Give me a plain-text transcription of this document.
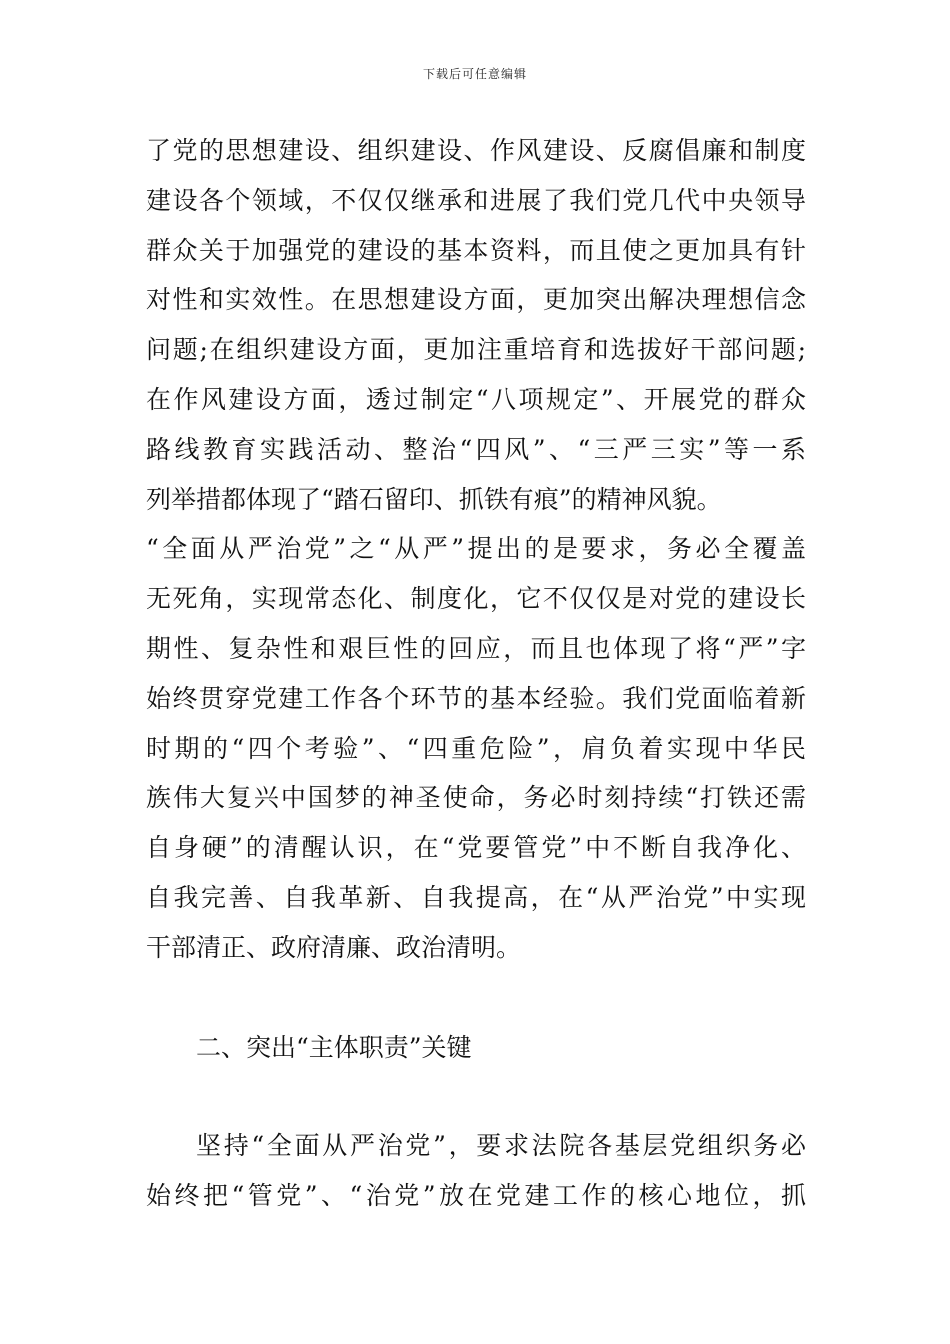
下载后可任意编辑
了党的思想建设、组织建设、作风建设、反腐倡廉和制度
建设各个领域，不仅仅继承和进展了我们党几代中央领导
群众关于加强党的建设的基本资料，而且使之更加具有针
对性和实效性。在思想建设方面，更加突出解决理想信念
问题;在组织建设方面，更加注重培育和选拔好干部问题;
在作风建设方面，透过制定“八项规定”、开展党的群众
路线教育实践活动、整治“四风”、“三严三实”等一系
列举措都体现了“踏石留印、抓铁有痕”的精神风貌。
“全面从严治党”之“从严”提出的是要求，务必全覆盖
无死角，实现常态化、制度化，它不仅仅是对党的建设长
期性、复杂性和艰巨性的回应，而且也体现了将“严”字
始终贯穿党建工作各个环节的基本经验。我们党面临着新
时期的“四个考验”、“四重危险”，肩负着实现中华民
族伟大复兴中国梦的神圣使命，务必时刻持续“打铁还需
自身硬”的清醒认识，在“党要管党”中不断自我净化、
自我完善、自我革新、自我提高，在“从严治党”中实现
干部清正、政府清廉、政治清明。
二、突出“主体职责”关键
坚持“全面从严治党”，要求法院各基层党组织务必
始终把“管党”、“治党”放在党建工作的核心地位，抓
